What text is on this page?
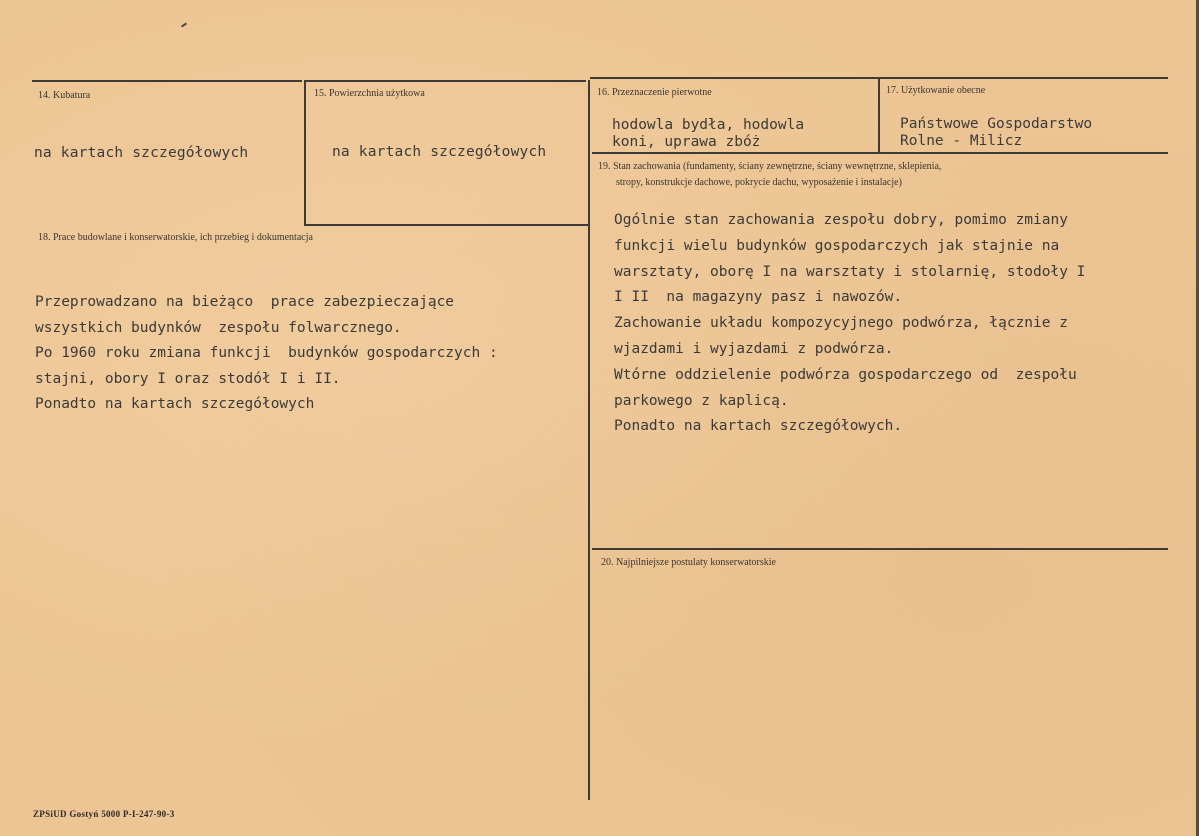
14. Kubatura
na kartach szczegółowych
15. Powierzchnia użytkowa
na kartach szczegółowych
16. Przeznaczenie pierwotne
hodowla bydła, hodowla
koni, uprawa zbóż
17. Użytkowanie obecne
Państwowe Gospodarstwo
Rolne - Milicz
18. Prace budowlane i konserwatorskie, ich przebieg i dokumentacja
Przeprowadzano na bieżąco  prace zabezpieczające
wszystkich budynków  zespołu folwarcznego.
Po 1960 roku zmiana funkcji  budynków gospodarczych :
stajni, obory I oraz stodół I i II.
Ponadto na kartach szczegółowych
19. Stan zachowania (fundamenty, ściany zewnętrzne, ściany wewnętrzne, sklepienia,
stropy, konstrukcje dachowe, pokrycie dachu, wyposażenie i instalacje)
Ogólnie stan zachowania zespołu dobry, pomimo zmiany
funkcji wielu budynków gospodarczych jak stajnie na
warsztaty, oborę I na warsztaty i stolarnię, stodoły I
I II  na magazyny pasz i nawozów.
Zachowanie układu kompozycyjnego podwórza, łącznie z
wjazdami i wyjazdami z podwórza.
Wtórne oddzielenie podwórza gospodarczego od  zespołu
parkowego z kaplicą.
Ponadto na kartach szczegółowych.
20. Najpilniejsze postulaty konserwatorskie
ZPSiUD Gostyń 5000 P-I-247-90-3
